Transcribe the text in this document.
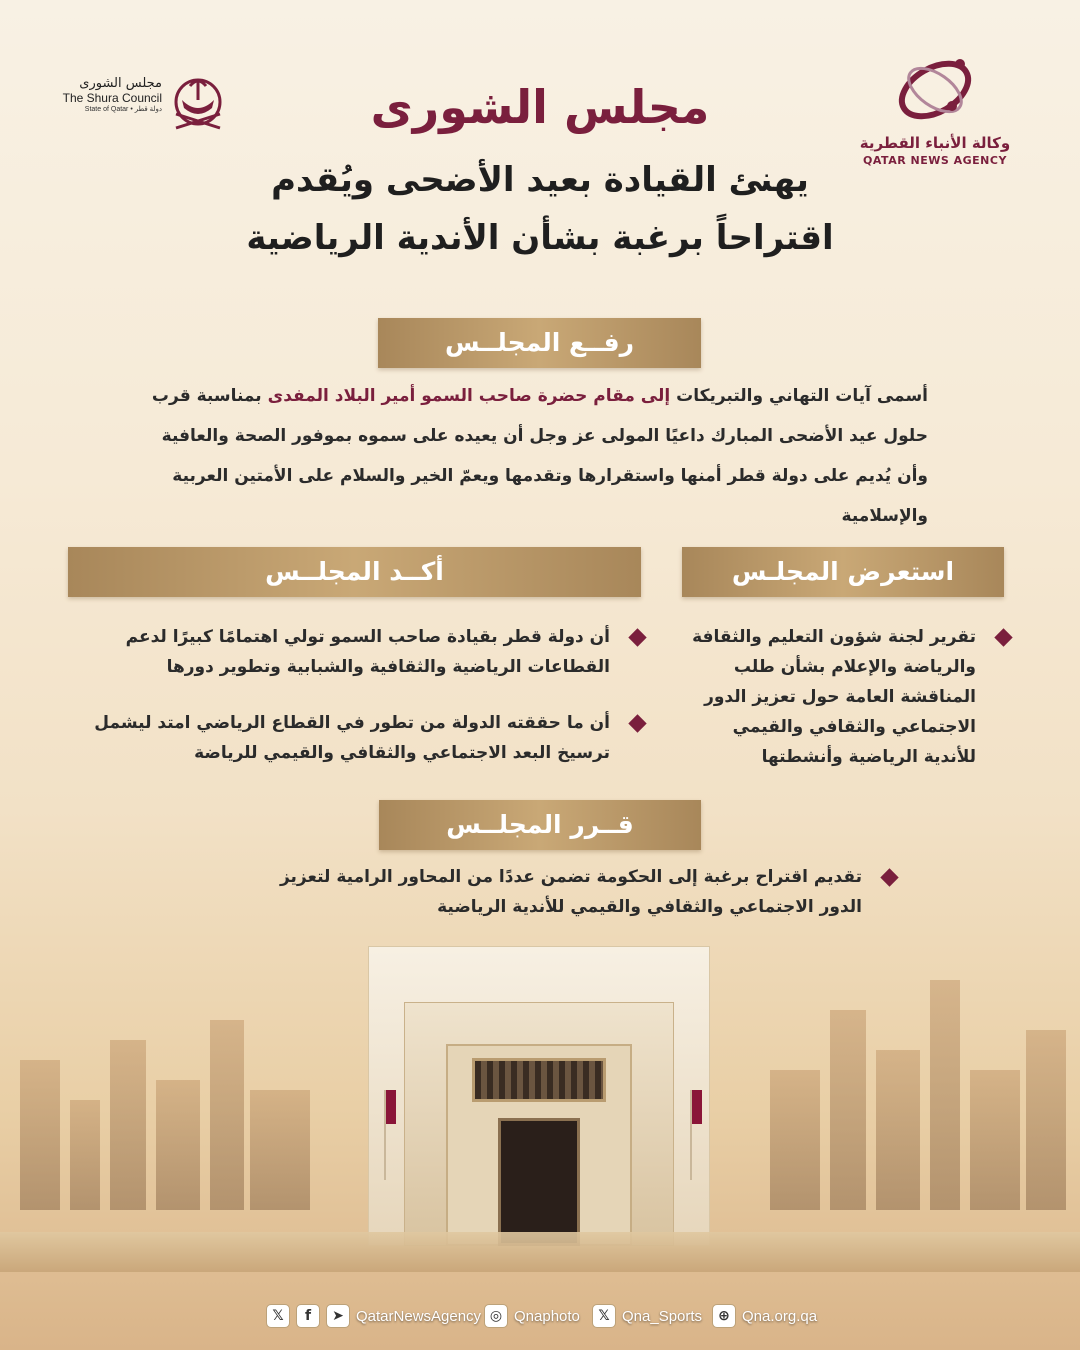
وكالة الأنباء القطرية
QATAR NEWS AGENCY
مجلس الشورى
The Shura Council
State of Qatar • دولة قطر	مجلس الشورى
يهنئ القيادة بعيد الأضحى ويُقدم
اقتراحاً برغبة بشأن الأندية الرياضية
رفــع المجلــس
أسمى آيات التهاني والتبريكات إلى مقام حضرة صاحب السمو أمير البلاد المفدى بمناسبة قرب حلول عيد الأضحى المبارك داعيًا المولى عز وجل أن يعيده على سموه بموفور الصحة والعافية وأن يُديم على دولة قطر أمنها واستقرارها وتقدمها ويعمّ الخير والسلام على الأمتين العربية والإسلامية
أكــد المجلــس
أن دولة قطر بقيادة صاحب السمو تولي اهتمامًا كبيرًا لدعم القطاعات الرياضية والثقافية والشبابية وتطوير دورها
أن ما حققته الدولة من تطور في القطاع الرياضي امتد ليشمل ترسيخ البعد الاجتماعي والثقافي والقيمي للرياضة
استعرض المجلـس
تقرير لجنة شؤون التعليم والثقافة والرياضة والإعلام بشأن طلب المناقشة العامة حول تعزيز الدور الاجتماعي والثقافي والقيمي للأندية الرياضية وأنشطتها
قــرر المجلــس
تقديم اقتراح برغبة إلى الحكومة تضمن عددًا من المحاور الرامية لتعزيز الدور الاجتماعي والثقافي والقيمي للأندية الرياضية
𝕏	f	➤ QatarNewsAgency ◎ Qnaphoto	𝕏 Qna_Sports	⊕ Qna.org.qa
